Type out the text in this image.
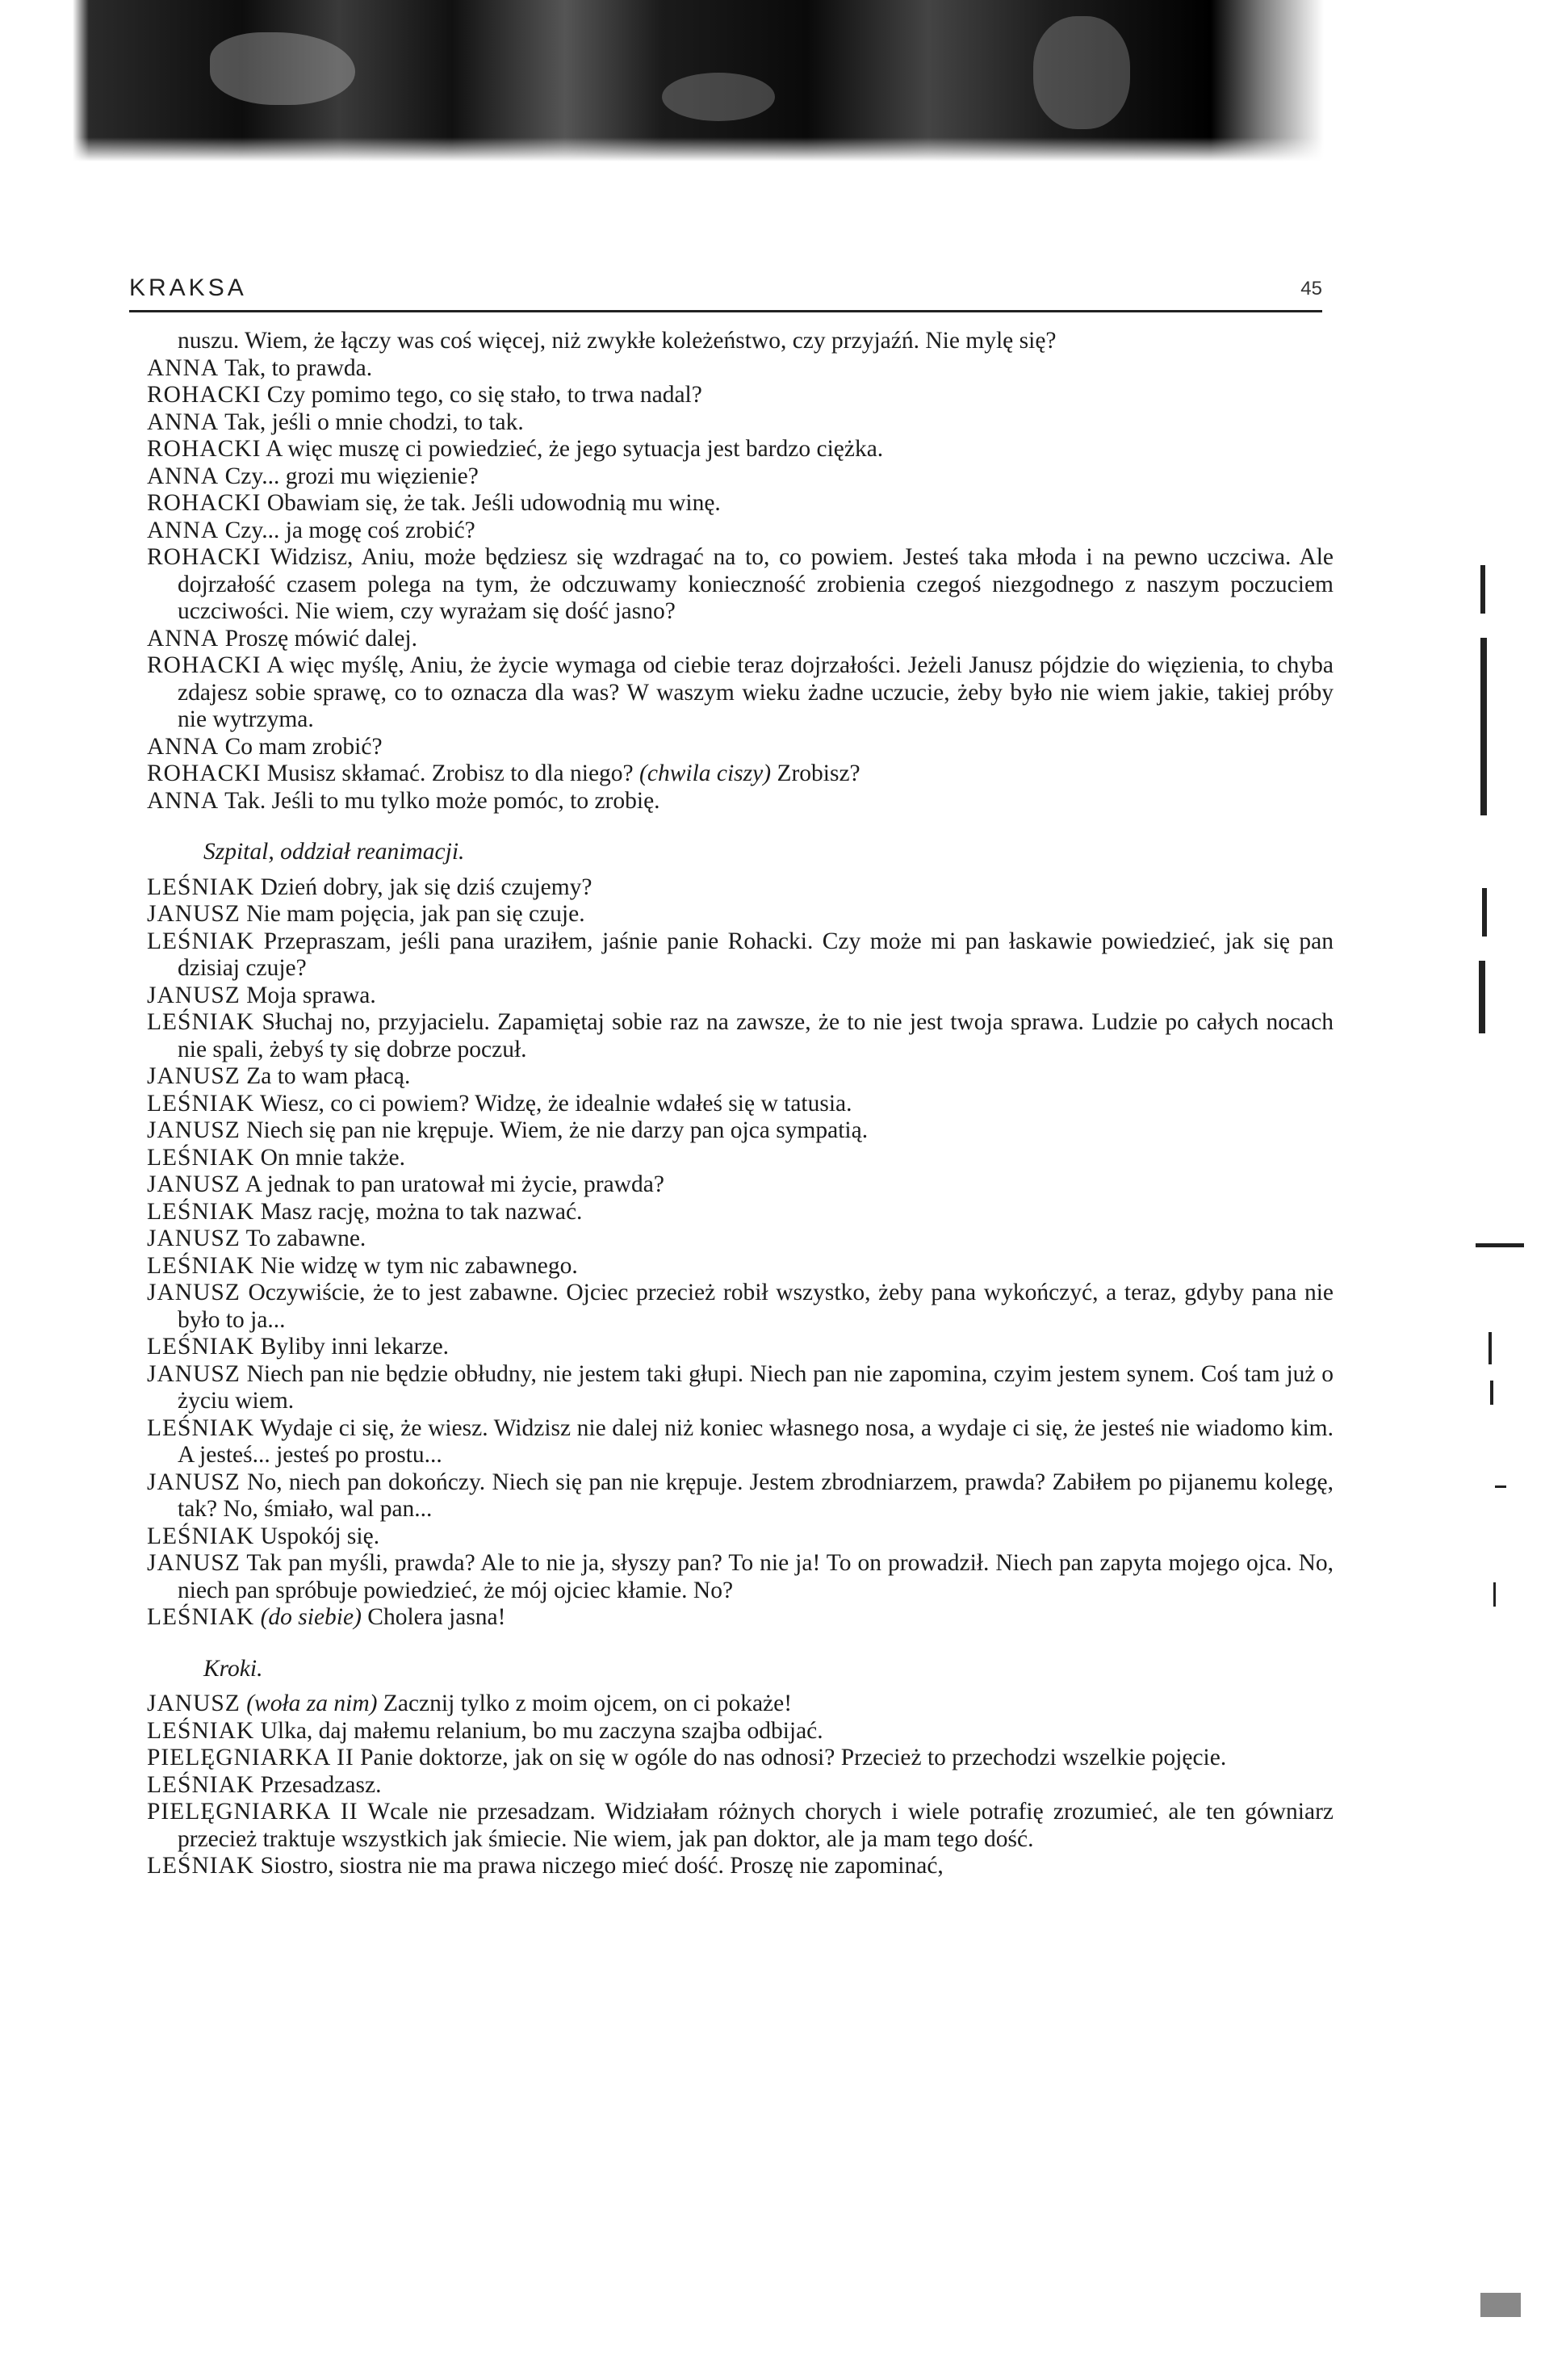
KRAKSA	45

nuszu. Wiem, że łączy was coś więcej, niż zwykłe koleżeństwo, czy przyjaźń. Nie mylę się?

ANNA Tak, to prawda.

ROHACKI Czy pomimo tego, co się stało, to trwa nadal?

ANNA Tak, jeśli o mnie chodzi, to tak.

ROHACKI A więc muszę ci powiedzieć, że jego sytuacja jest bardzo ciężka.

ANNA Czy... grozi mu więzienie?

ROHACKI Obawiam się, że tak. Jeśli udowodnią mu winę.

ANNA Czy... ja mogę coś zrobić?

ROHACKI Widzisz, Aniu, może będziesz się wzdragać na to, co powiem. Jesteś taka młoda i na pewno uczciwa. Ale dojrzałość czasem polega na tym, że odczuwamy konieczność zrobienia czegoś niezgodnego z naszym poczuciem uczciwości. Nie wiem, czy wyrażam się dość jasno?

ANNA Proszę mówić dalej.

ROHACKI A więc myślę, Aniu, że życie wymaga od ciebie teraz dojrzałości. Jeżeli Janusz pójdzie do więzienia, to chyba zdajesz sobie sprawę, co to oznacza dla was? W waszym wieku żadne uczucie, żeby było nie wiem jakie, takiej próby nie wytrzyma.

ANNA Co mam zrobić?

ROHACKI Musisz skłamać. Zrobisz to dla niego? (chwila ciszy) Zrobisz?

ANNA Tak. Jeśli to mu tylko może pomóc, to zrobię.

Szpital, oddział reanimacji.

LEŚNIAK Dzień dobry, jak się dziś czujemy?

JANUSZ Nie mam pojęcia, jak pan się czuje.

LEŚNIAK Przepraszam, jeśli pana uraziłem, jaśnie panie Rohacki. Czy może mi pan łaskawie powiedzieć, jak się pan dzisiaj czuje?

JANUSZ Moja sprawa.

LEŚNIAK Słuchaj no, przyjacielu. Zapamiętaj sobie raz na zawsze, że to nie jest twoja sprawa. Ludzie po całych nocach nie spali, żebyś ty się dobrze poczuł.

JANUSZ Za to wam płacą.

LEŚNIAK Wiesz, co ci powiem? Widzę, że idealnie wdałeś się w tatusia.

JANUSZ Niech się pan nie krępuje. Wiem, że nie darzy pan ojca sympatią.

LEŚNIAK On mnie także.

JANUSZ A jednak to pan uratował mi życie, prawda?

LEŚNIAK Masz rację, można to tak nazwać.

JANUSZ To zabawne.

LEŚNIAK Nie widzę w tym nic zabawnego.

JANUSZ Oczywiście, że to jest zabawne. Ojciec przecież robił wszystko, żeby pana wykończyć, a teraz, gdyby pana nie było to ja...

LEŚNIAK Byliby inni lekarze.

JANUSZ Niech pan nie będzie obłudny, nie jestem taki głupi. Niech pan nie zapomina, czyim jestem synem. Coś tam już o życiu wiem.

LEŚNIAK Wydaje ci się, że wiesz. Widzisz nie dalej niż koniec własnego nosa, a wydaje ci się, że jesteś nie wiadomo kim. A jesteś... jesteś po prostu...

JANUSZ No, niech pan dokończy. Niech się pan nie krępuje. Jestem zbrodniarzem, prawda? Zabiłem po pijanemu kolegę, tak? No, śmiało, wal pan...

LEŚNIAK Uspokój się.

JANUSZ Tak pan myśli, prawda? Ale to nie ja, słyszy pan? To nie ja! To on prowadził. Niech pan zapyta mojego ojca. No, niech pan spróbuje powiedzieć, że mój ojciec kłamie. No?

LEŚNIAK (do siebie) Cholera jasna!

Kroki.

JANUSZ (woła za nim) Zacznij tylko z moim ojcem, on ci pokaże!

LEŚNIAK Ulka, daj małemu relanium, bo mu zaczyna szajba odbijać.

PIELĘGNIARKA II Panie doktorze, jak on się w ogóle do nas odnosi? Przecież to przechodzi wszelkie pojęcie.

LEŚNIAK Przesadzasz.

PIELĘGNIARKA II Wcale nie przesadzam. Widziałam różnych chorych i wiele potrafię zrozumieć, ale ten gówniarz przecież traktuje wszystkich jak śmiecie. Nie wiem, jak pan doktor, ale ja mam tego dość.

LEŚNIAK Siostro, siostra nie ma prawa niczego mieć dość. Proszę nie zapominać,
